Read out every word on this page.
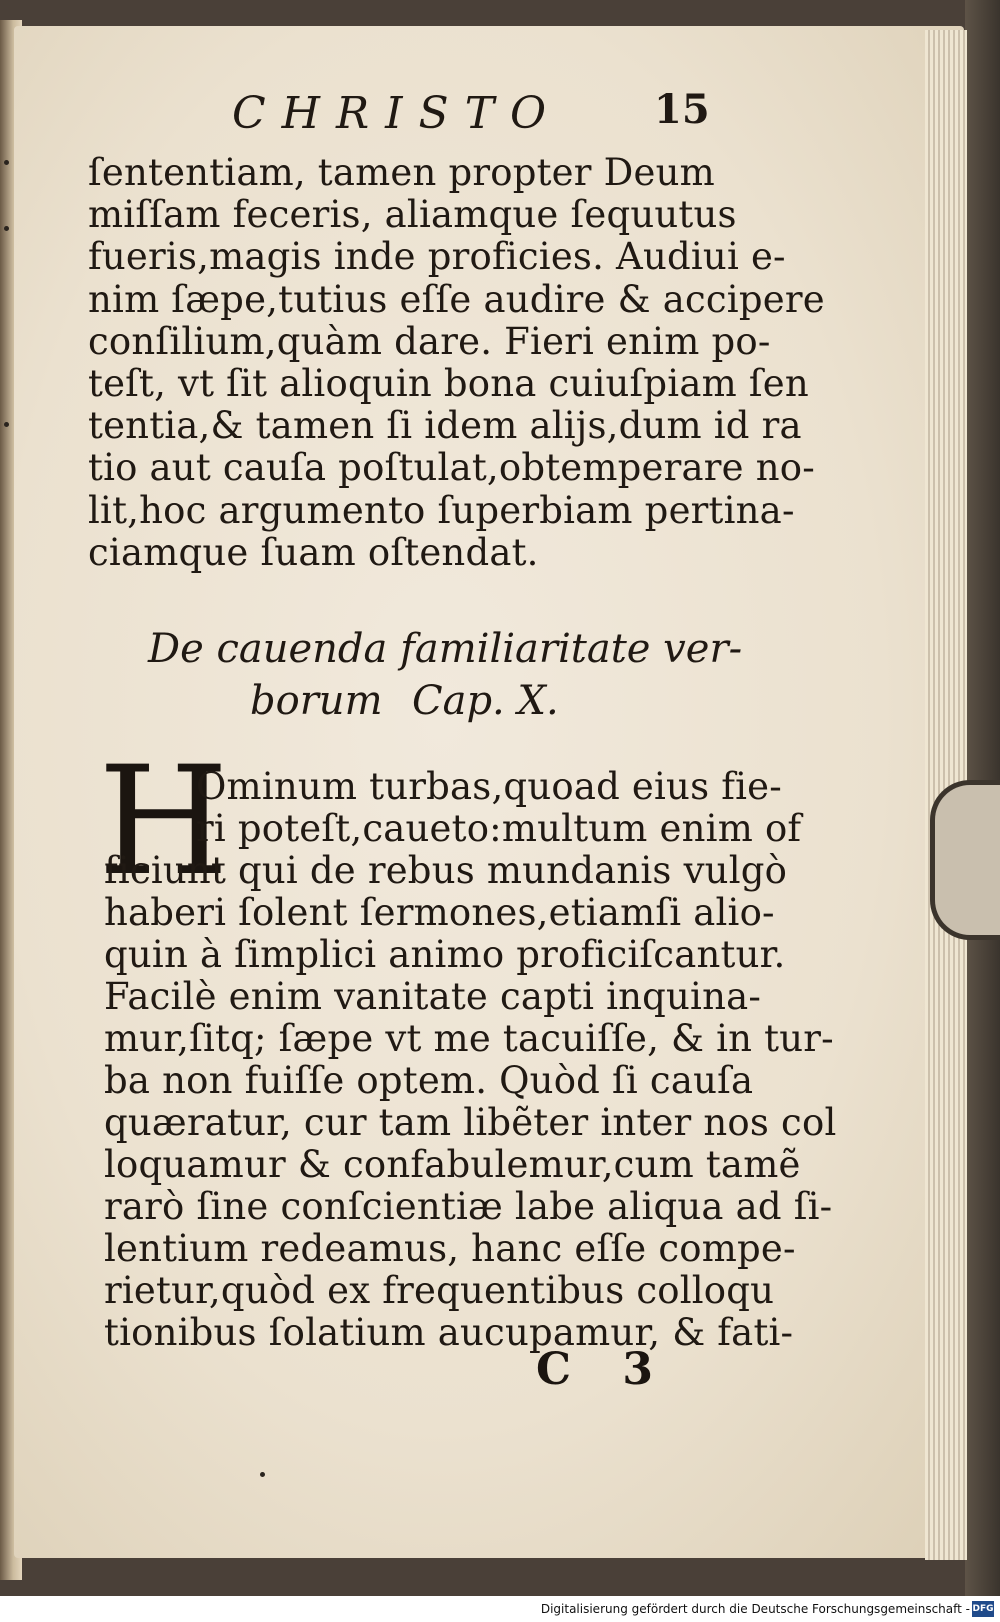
CHRISTO 15
ſententiam, tamen propter Deum
miſſam feceris, aliamque ſequutus
fueris,magis inde proficies. Audiui e-
nim ſæpe,tutius eſſe audire & accipere
conſilium,quàm dare. Fieri enim po-
teſt, vt ſit alioquin bona cuiuſpiam ſen
tentia,& tamen ſi idem alijs,dum id ra
tio aut cauſa poſtulat,obtemperare no-
lit,hoc argumento ſuperbiam pertina-
ciamque ſuam oſtendat.
De cauenda familiaritate ver-
borum Cap. X.
H
Ominum turbas,quoad eius fie-
ri poteſt,caueto:multum enim of
ficiunt qui de rebus mundanis vulgò
haberi ſolent ſermones,etiamſi alio-
quin à ſimplici animo proficiſcantur.
Facilè enim vanitate capti inquina-
mur,ſitq; ſæpe vt me tacuiſſe, & in tur-
ba non fuiſſe optem. Quòd ſi cauſa
quæratur, cur tam libẽter inter nos col
loquamur & confabulemur,cum tamẽ
rarò ſine conſcientiæ labe aliqua ad ſi-
lentium redeamus, hanc eſſe compe-
rietur,quòd ex frequentibus colloqu
tionibus ſolatium aucupamur, & fati-
C 3
Digitalisierung gefördert durch die Deutsche Forschungsgemeinschaft - DFG
